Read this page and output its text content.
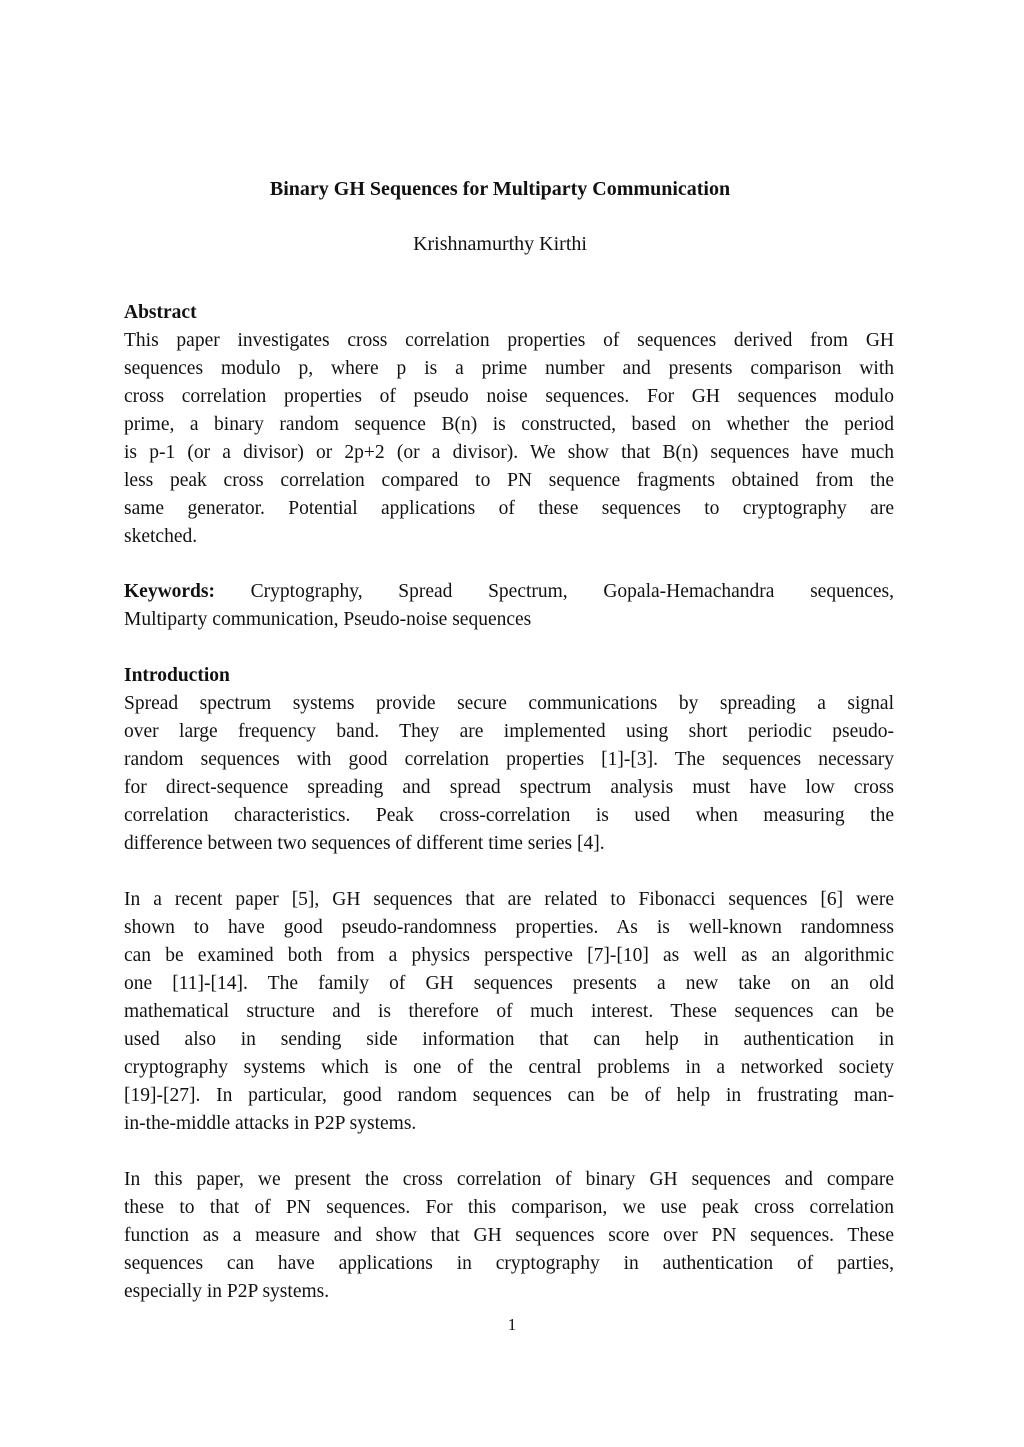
Binary GH Sequences for Multiparty Communication
Krishnamurthy Kirthi
Abstract
This paper investigates cross correlation properties of sequences derived from GH
sequences modulo p, where p is a prime number and presents comparison with
cross correlation properties of pseudo noise sequences. For GH sequences modulo
prime, a binary random sequence B(n) is constructed, based on whether the period
is p-1 (or a divisor) or 2p+2 (or a divisor). We show that B(n) sequences have much
less peak cross correlation compared to PN sequence fragments obtained from the
same generator. Potential applications of these sequences to cryptography are
sketched.
Keywords: Cryptography, Spread Spectrum, Gopala-Hemachandra sequences,
Multiparty communication, Pseudo-noise sequences
Introduction
Spread spectrum systems provide secure communications by spreading a signal
over large frequency band. They are implemented using short periodic pseudo-
random sequences with good correlation properties [1]-[3]. The sequences necessary
for direct-sequence spreading and spread spectrum analysis must have low cross
correlation characteristics. Peak cross-correlation is used when measuring the
difference between two sequences of different time series [4].
In a recent paper [5], GH sequences that are related to Fibonacci sequences [6] were
shown to have good pseudo-randomness properties. As is well-known randomness
can be examined both from a physics perspective [7]-[10] as well as an algorithmic
one [11]-[14]. The family of GH sequences presents a new take on an old
mathematical structure and is therefore of much interest. These sequences can be
used also in sending side information that can help in authentication in
cryptography systems which is one of the central problems in a networked society
[19]-[27]. In particular, good random sequences can be of help in frustrating man-
in-the-middle attacks in P2P systems.
In this paper, we present the cross correlation of binary GH sequences and compare
these to that of PN sequences. For this comparison, we use peak cross correlation
function as a measure and show that GH sequences score over PN sequences. These
sequences can have applications in cryptography in authentication of parties,
especially in P2P systems.
1
